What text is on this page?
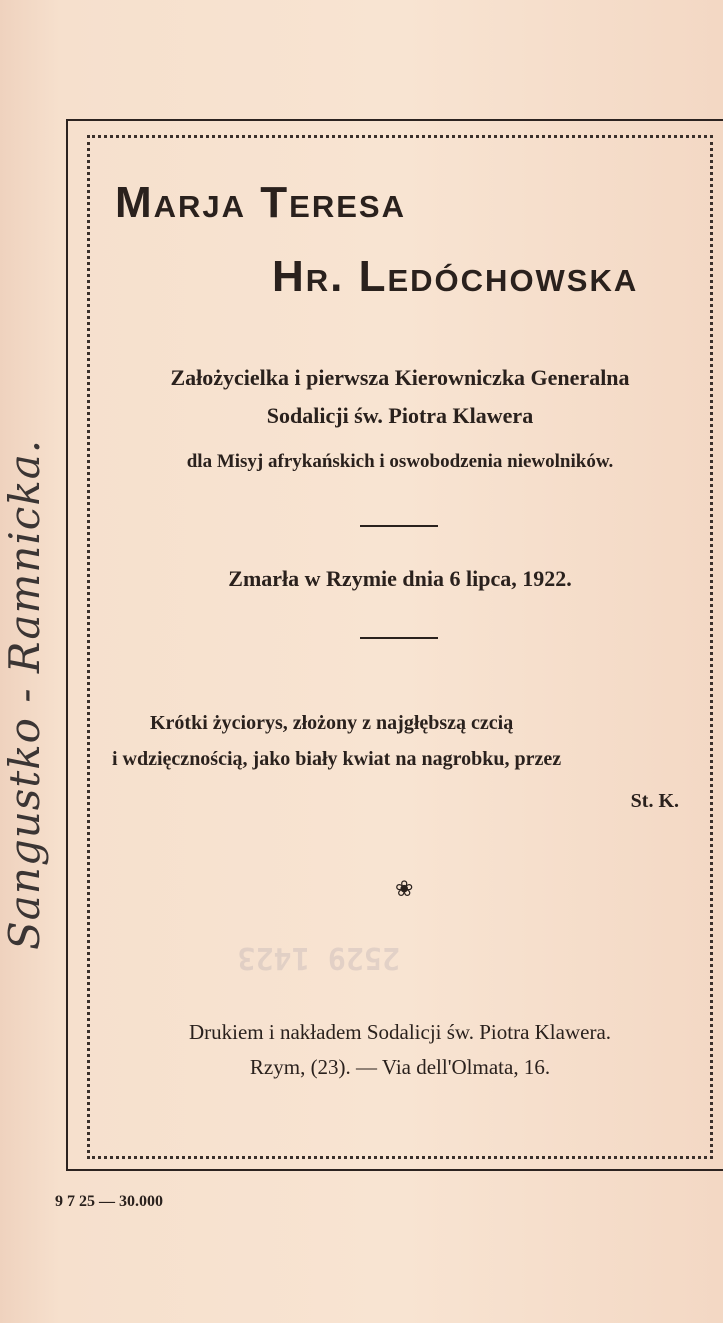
2529 1423
Marja Teresa
Hr. Ledóchowska
Założycielka i pierwsza Kierowniczka Generalna
Sodalicji św. Piotra Klawera
dla Misyj afrykańskich i oswobodzenia niewolników.
Zmarła w Rzymie dnia 6 lipca, 1922.
Krótki życiorys, złożony z najgłębszą czcią
i wdzięcznością, jako biały kwiat na nagrobku, przez
St. K.
❀
Drukiem i nakładem Sodalicji św. Piotra Klawera.
Rzym, (23). — Via dell'Olmata, 16.
9 7 25 — 30.000
Sangustko - Ramnicka.
